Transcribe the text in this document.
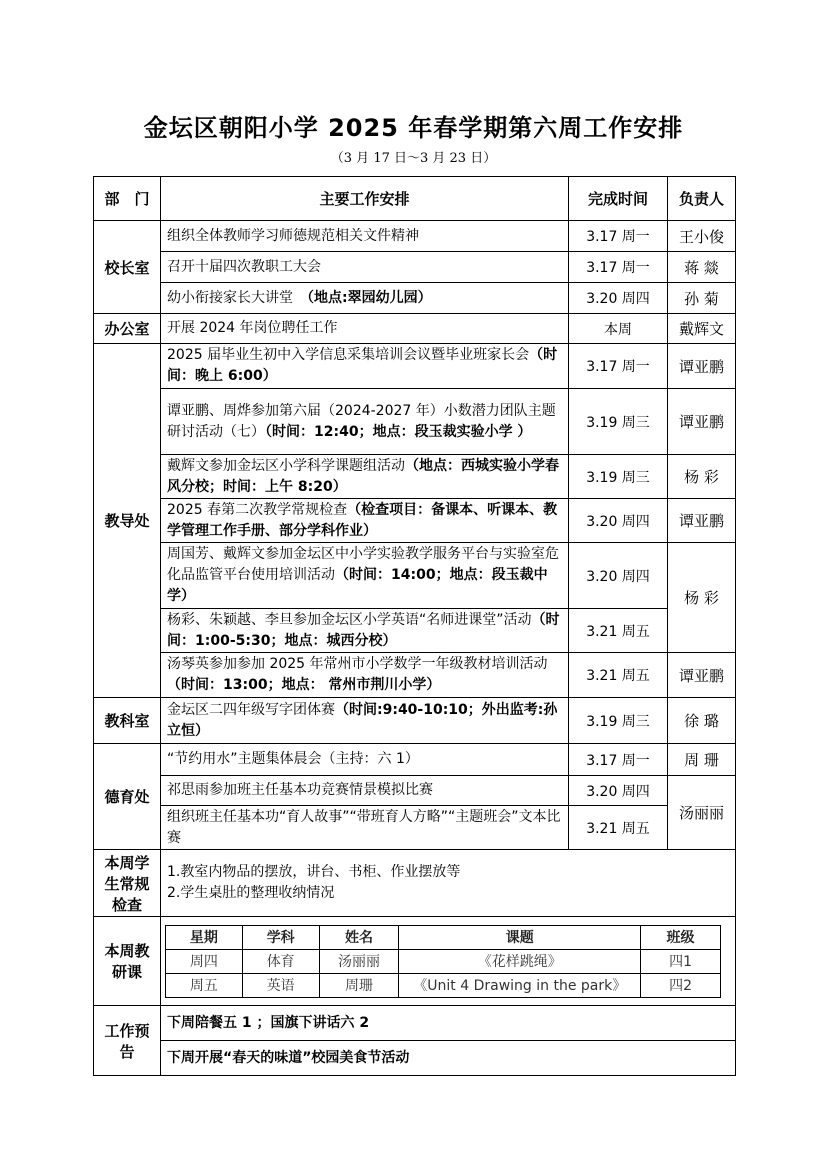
金坛区朝阳小学 2025 年春学期第六周工作安排
（3 月 17 日～3 月 23 日）
部　门	主要工作安排	完成时间	负责人
校长室	组织全体教师学习师德规范相关文件精神	3.17 周一	王小俊
召开十届四次教职工大会	3.17 周一	蒋 燚
幼小衔接家长大讲堂　 （地点:翠园幼儿园）	3.20 周四	孙 菊
办公室	开展 2024 年岗位聘任工作	本周	戴辉文
教导处	2025 届毕业生初中入学信息采集培训会议暨毕业班家长会（时间：晚上 6:00）	3.17 周一	谭亚鹏
谭亚鹏、周烨参加第六届（2024-2027 年）小数潜力团队主题研讨活动（七）（时间：12:40；地点：段玉裁实验小学 ）	3.19 周三	谭亚鹏
戴辉文参加金坛区小学科学课题组活动（地点：西城实验小学春风分校；时间：上午 8:20）	3.19 周三	杨 彩
2025 春第二次教学常规检查（检查项目：备课本、听课本、教学管理工作手册、部分学科作业）	3.20 周四	谭亚鹏
周国芳、戴辉文参加金坛区中小学实验教学服务平台与实验室危化品监管平台使用培训活动（时间：14:00；地点：段玉裁中学）	3.20 周四	杨 彩
杨彩、朱颖越、李旦参加金坛区小学英语“名师进课堂”活动（时间：1:00-5:30；地点：城西分校）	3.21 周五
汤琴英参加参加 2025 年常州市小学数学一年级教材培训活动（时间：13:00；地点： 常州市荆川小学）	3.21 周五	谭亚鹏
教科室	金坛区二四年级写字团体赛（时间:9:40-10:10；外出监考:孙立恒）	3.19 周三	徐 璐
德育处	“节约用水”主题集体晨会（主持：六 1）	3.17 周一	周 珊
祁思雨参加班主任基本功竞赛情景模拟比赛	3.20 周四	汤丽丽
组织班主任基本功“育人故事”“带班育人方略”“主题班会”文本比赛	3.21 周五
本周学生常规检查	
1.教室内物品的摆放，讲台、书柜、作业摆放等
2.学生桌肚的整理收纳情况

本周教研课	
星期	学科	姓名	课题	班级
周四	体育	汤丽丽	《花样跳绳》	四1
周五	英语	周珊	《Unit 4 Drawing in the park》	四2

工作预告	下周陪餐五 1 ；国旗下讲话六 2
下周开展“春天的味道”校园美食节活动
